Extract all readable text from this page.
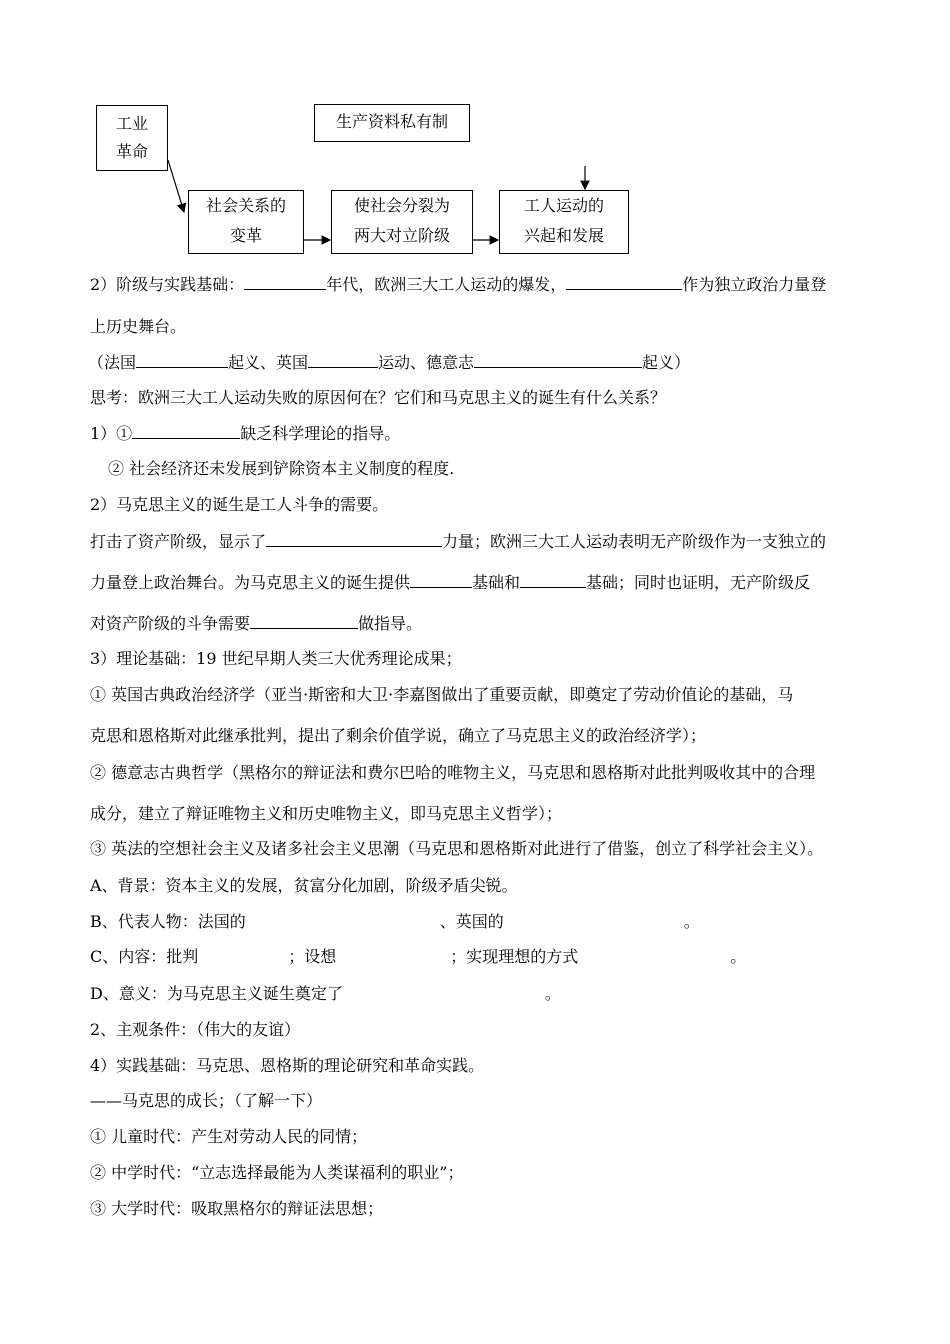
工业
革命
生产资料私有制
社会关系的
变革
使社会分裂为
两大对立阶级
工人运动的
兴起和发展
2）阶级与实践基础：	年代，欧洲三大工人运动的爆发，	作为独立政治力量登
上历史舞台。
（法国	起义、英国	运动、德意志	起义）
思考：欧洲三大工人运动失败的原因何在？它们和马克思主义的诞生有什么关系？
1）①	缺乏科学理论的指导。
② 社会经济还未发展到铲除资本主义制度的程度.
2）马克思主义的诞生是工人斗争的需要。
打击了资产阶级，显示了	力量；欧洲三大工人运动表明无产阶级作为一支独立的
力量登上政治舞台。为马克思主义的诞生提供	基础和	基础；同时也证明，无产阶级反
对资产阶级的斗争需要	做指导。
3）理论基础：19 世纪早期人类三大优秀理论成果；
① 英国古典政治经济学（亚当·斯密和大卫·李嘉图做出了重要贡献，即奠定了劳动价值论的基础，马
克思和恩格斯对此继承批判，提出了剩余价值学说，确立了马克思主义的政治经济学）；
② 德意志古典哲学（黑格尔的辩证法和费尔巴哈的唯物主义，马克思和恩格斯对此批判吸收其中的合理
成分，建立了辩证唯物主义和历史唯物主义，即马克思主义哲学）；
③ 英法的空想社会主义及诸多社会主义思潮（马克思和恩格斯对此进行了借鉴，创立了科学社会主义）。
A、背景：资本主义的发展，贫富分化加剧，阶级矛盾尖锐。
B、代表人物：法国的	、英国的	。
C、内容：批判	；设想	；实现理想的方式	。
D、意义：为马克思主义诞生奠定了	。
2、主观条件：（伟大的友谊）
4）实践基础：马克思、恩格斯的理论研究和革命实践。
——马克思的成长；（了解一下）
① 儿童时代：产生对劳动人民的同情；
② 中学时代：“立志选择最能为人类谋福利的职业”；
③ 大学时代：吸取黑格尔的辩证法思想；
